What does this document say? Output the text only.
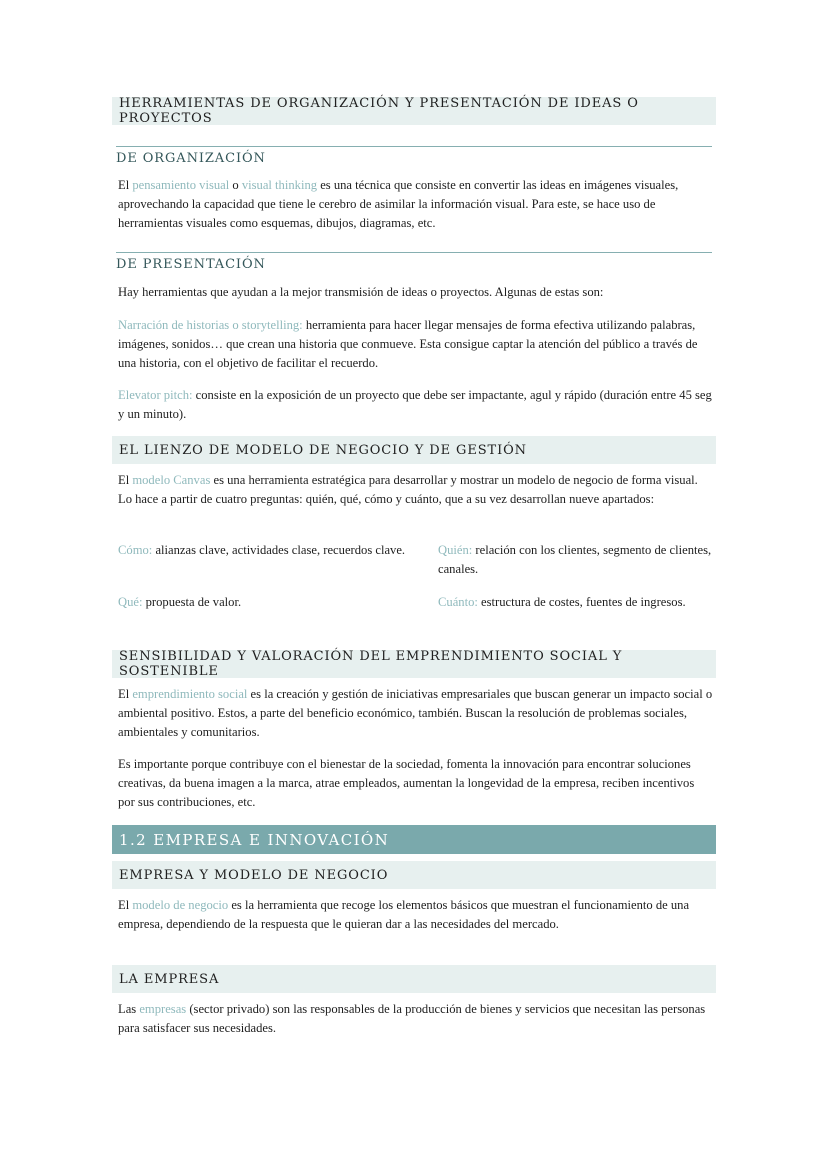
HERRAMIENTAS DE ORGANIZACIÓN Y PRESENTACIÓN DE IDEAS O PROYECTOS
DE ORGANIZACIÓN

El pensamiento visual o visual thinking es una técnica que consiste en convertir las ideas en imágenes visuales, aprovechando la capacidad que tiene le cerebro de asimilar la información visual. Para este, se hace uso de herramientas visuales como esquemas, dibujos, diagramas, etc.

DE PRESENTACIÓN

Hay herramientas que ayudan a la mejor transmisión de ideas o proyectos. Algunas de estas son:

Narración de historias o storytelling: herramienta para hacer llegar mensajes de forma efectiva utilizando palabras, imágenes, sonidos… que crean una historia que conmueve. Esta consigue captar la atención del público a través de una historia, con el objetivo de facilitar el recuerdo.

Elevator pitch: consiste en la exposición de un proyecto que debe ser impactante, agul y rápido (duración entre 45 seg y un minuto).

EL LIENZO DE MODELO DE NEGOCIO Y DE GESTIÓN

El modelo Canvas es una herramienta estratégica para desarrollar y mostrar un modelo de negocio de forma visual. Lo hace a partir de cuatro preguntas: quién, qué, cómo y cuánto, que a su vez desarrollan nueve apartados:

Cómo: alianzas clave, actividades clase, recuerdos clave.	Quién: relación con los clientes, segmento de clientes, canales.

Qué: propuesta de valor.	Cuánto: estructura de costes, fuentes de ingresos.

SENSIBILIDAD Y VALORACIÓN DEL EMPRENDIMIENTO SOCIAL Y SOSTENIBLE

El emprendimiento social es la creación y gestión de iniciativas empresariales que buscan generar un impacto social o ambiental positivo. Estos, a parte del beneficio económico, también. Buscan la resolución de problemas sociales, ambientales y comunitarios.

Es importante porque contribuye con el bienestar de la sociedad, fomenta la innovación para encontrar soluciones creativas, da buena imagen a la marca, atrae empleados, aumentan la longevidad de la empresa, reciben incentivos por sus contribuciones, etc.

1.2 EMPRESA E INNOVACIÓN
EMPRESA Y MODELO DE NEGOCIO

El modelo de negocio es la herramienta que recoge los elementos básicos que muestran el funcionamiento de una empresa, dependiendo de la respuesta que le quieran dar a las necesidades del mercado.

LA EMPRESA

Las empresas (sector privado) son las responsables de la producción de bienes y servicios que necesitan las personas para satisfacer sus necesidades.
